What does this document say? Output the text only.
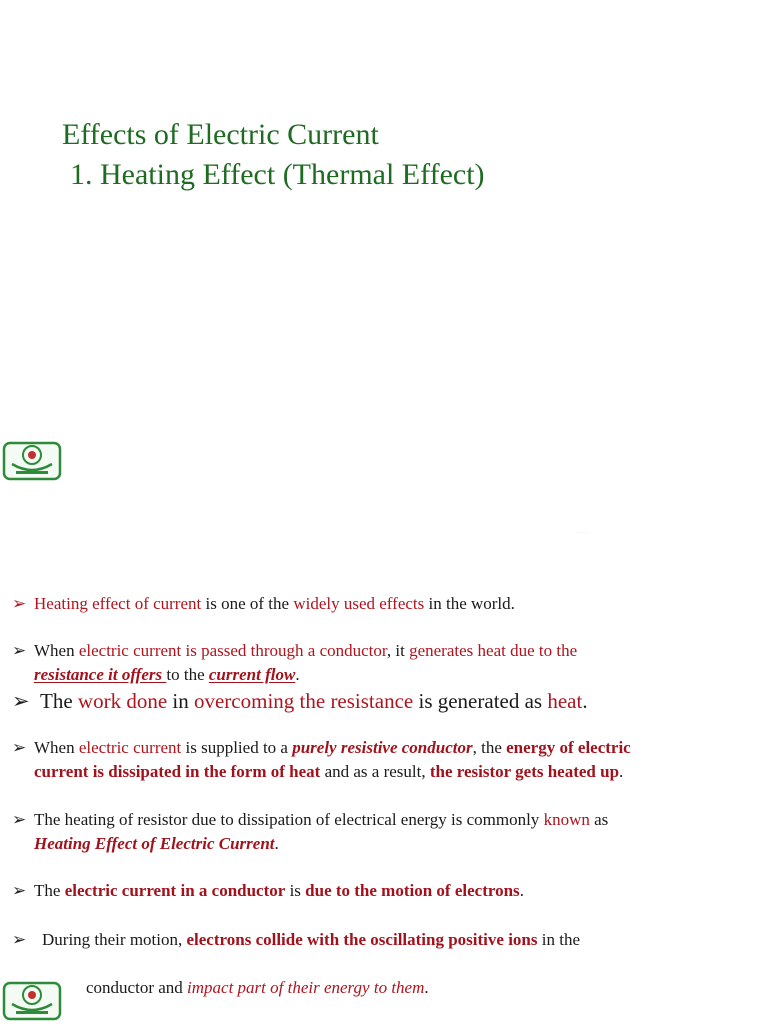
Effects of Electric Current
1. Heating Effect (Thermal Effect)
...........
➢ Heating effect of current is one of the widely used effects in the world.
➢ When electric current is passed through a conductor, it generates heat due to the
resistance it offers to the current flow.
➢ The work done in overcoming the resistance is generated as heat.
➢ When electric current is supplied to a purely resistive conductor, the energy of electric
current is dissipated in the form of heat and as a result, the resistor gets heated up.
➢ The heating of resistor due to dissipation of electrical energy is commonly known as
Heating Effect of Electric Current.
➢ The electric current in a conductor is due to the motion of electrons.
➢ During their motion, electrons collide with the oscillating positive ions in the
conductor and impact part of their energy to them.
